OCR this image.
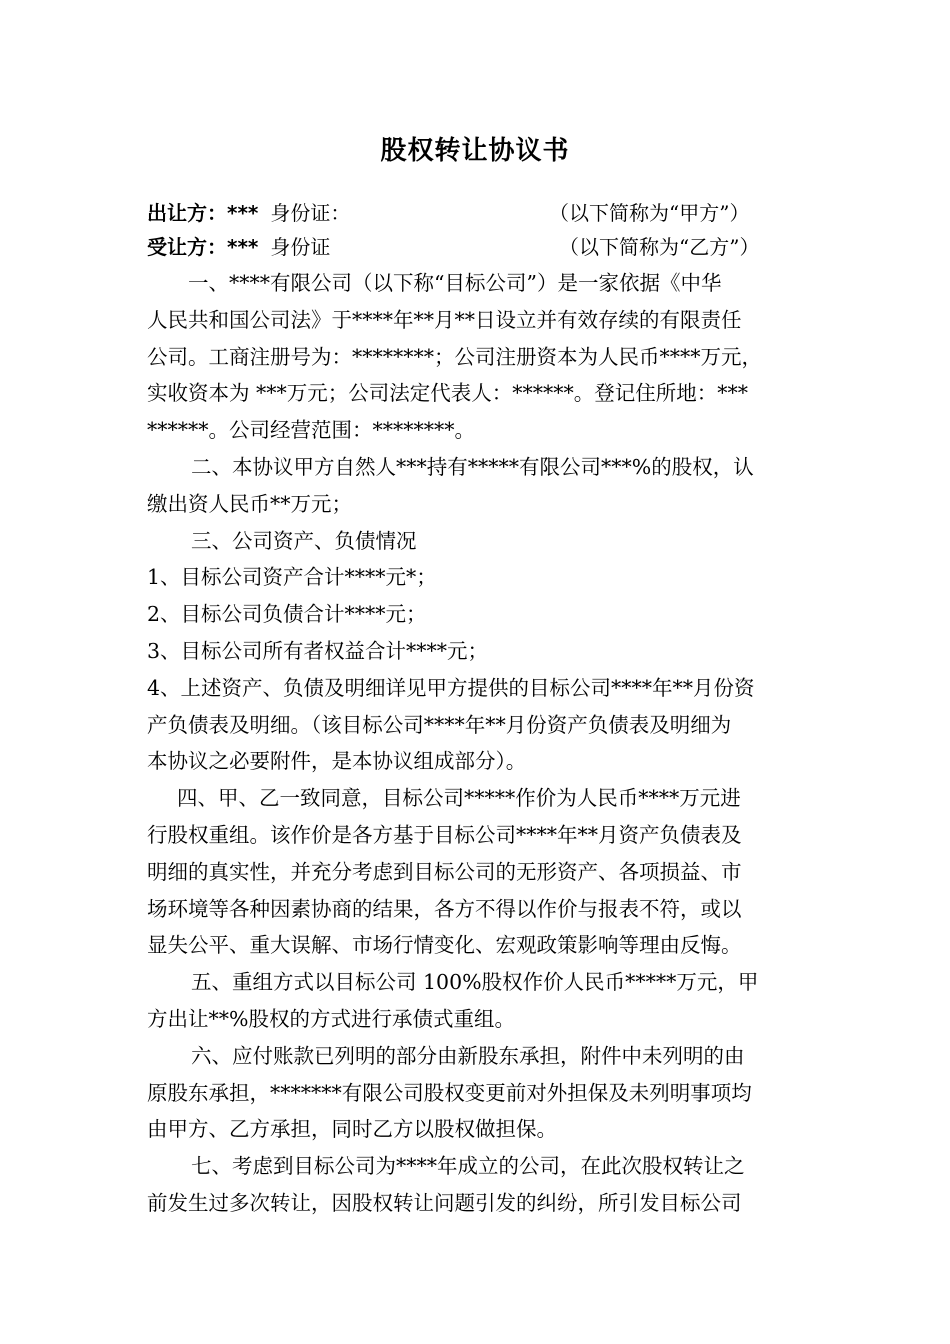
股权转让协议书
出让方：*** 身份证：	（以下简称为“甲方”）
受让方：*** 身份证	（以下简称为“乙方”）
一、****有限公司（以下称“目标公司”）是一家依据《中华
人民共和国公司法》于****年**月**日设立并有效存续的有限责任
公司。工商注册号为：********；公司注册资本为人民币****万元，
实收资本为 ***万元；公司法定代表人：******。登记住所地：***
******。公司经营范围：********。
二、本协议甲方自然人***持有*****有限公司***%的股权，认
缴出资人民币**万元；
三、公司资产、负债情况
1、目标公司资产合计****元*；
2、目标公司负债合计****元；
3、目标公司所有者权益合计****元；
4、上述资产、负债及明细详见甲方提供的目标公司****年**月份资
产负债表及明细。（该目标公司****年**月份资产负债表及明细为
本协议之必要附件，是本协议组成部分）。
四、甲、乙一致同意，目标公司*****作价为人民币****万元进
行股权重组。该作价是各方基于目标公司****年**月资产负债表及
明细的真实性，并充分考虑到目标公司的无形资产、各项损益、市
场环境等各种因素协商的结果，各方不得以作价与报表不符，或以
显失公平、重大误解、市场行情变化、宏观政策影响等理由反悔。
五、重组方式以目标公司 100%股权作价人民币*****万元，甲
方出让**%股权的方式进行承债式重组。
六、应付账款已列明的部分由新股东承担，附件中未列明的由
原股东承担，*******有限公司股权变更前对外担保及未列明事项均
由甲方、乙方承担，同时乙方以股权做担保。
七、考虑到目标公司为****年成立的公司，在此次股权转让之
前发生过多次转让，因股权转让问题引发的纠纷，所引发目标公司
